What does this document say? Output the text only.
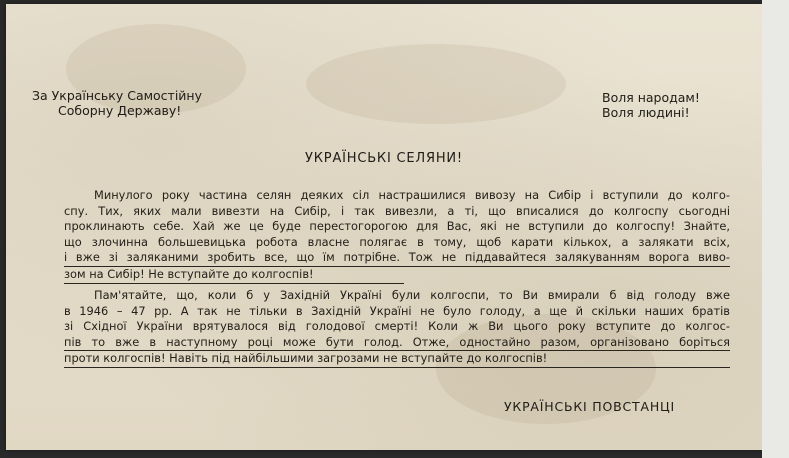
За Українську Самостійну
Соборну Державу!
Воля народам!
Воля людині!
УКРАЇНСЬКІ СЕЛЯНИ!
Минулого року частина селян деяких сіл настрашилися вивозу на Сибір і вступили до колго-
спу. Тих, яких мали вивезти на Сибір, і так вивезли, а ті, що вписалися до колгоспу сьогодні
проклинають себе. Хай же це буде перестогорогою для Вас, які не вступили до колгоспу! Знайте,
що злочинна большевицька робота власне полягає в тому, щоб карати кількох, а залякати всіх,
і вже зі заляканими зробить все, що їм потрібне. Тож не піддавайтеся залякуванням ворога виво-
зом на Сибір! Не вступайте до колгоспів!
Пам'ятайте, що, коли б у Західній Україні були колгоспи, то Ви вмирали б від голоду вже
в 1946 – 47 рр. А так не тільки в Західній Україні не було голоду, а ще й скільки наших братів
зі Східної України врятувалося від голодової смерті! Коли ж Ви цього року вступите до колгос-
пів то вже в наступному році може бути голод. Отже, одностайно разом, організовано боріться
проти колгоспів! Навіть під найбільшими загрозами не вступайте до колгоспів!
УКРАЇНСЬКІ ПОВСТАНЦІ
